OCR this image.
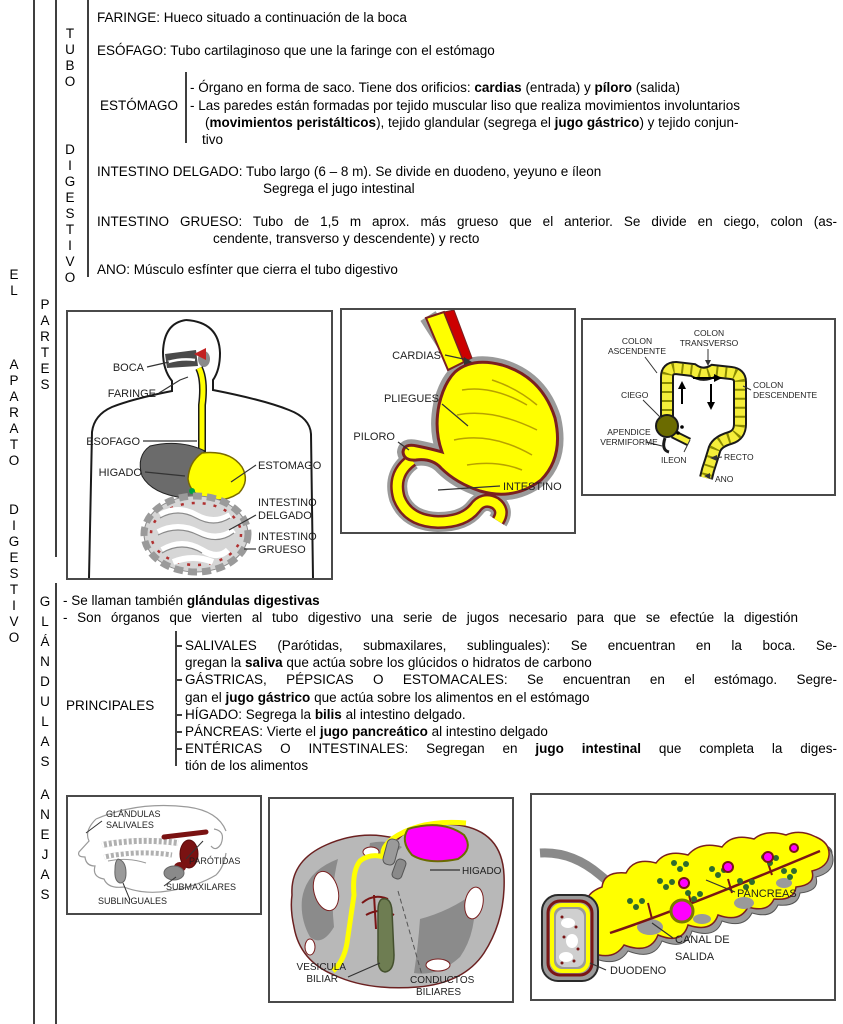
E
L
A
P
A
R
A
T
O
D
I
G
E
S
T
I
V
O
T
U
B
O
D
I
G
E
S
T
I
V
O
P
A
R
T
E
S
G
L
Á
N
D
U
L
A
S
A
N
E
J
A
S
FARINGE: Hueco situado a continuación de la boca
ESÓFAGO: Tubo cartilaginoso que une la faringe con el estómago
ESTÓMAGO
- Órgano en forma de saco. Tiene dos orificios: cardias (entrada) y píloro (salida)
- Las paredes están formadas por tejido muscular liso que realiza movimientos involuntarios
(movimientos peristálticos), tejido glandular (segrega el jugo gástrico) y tejido conjun-
tivo
INTESTINO DELGADO: Tubo largo (6 – 8 m). Se divide en duodeno, yeyuno e íleon
Segrega el jugo intestinal
INTESTINO GRUESO: Tubo de 1,5 m aprox. más grueso que el anterior. Se divide en ciego, colon (as-
cendente, transverso y descendente) y recto
ANO: Músculo esfínter que cierra el tubo digestivo
- Se llaman también glándulas digestivas
- Son órganos que vierten al tubo digestivo una serie de jugos necesario para que se efectúe la digestión
PRINCIPALES
SALIVALES (Parótidas, submaxilares, sublinguales): Se encuentran en la boca. Se-
gregan la saliva que actúa sobre los glúcidos o hidratos de carbono
GÁSTRICAS, PÉPSICAS O ESTOMACALES: Se encuentran en el estómago. Segre-
gan el jugo gástrico que actúa sobre los alimentos en el estómago
HÍGADO: Segrega la bilis al intestino delgado.
PÁNCREAS: Vierte el jugo pancreático al intestino delgado
ENTÉRICAS O INTESTINALES: Segregan en jugo intestinal que completa la diges-
tión de los alimentos
BOCA
FARINGE
ESOFAGO
HIGADO
ESTOMAGO
INTESTINO
DELGADO
INTESTINO
GRUESO
CARDIAS
PLIEGUES
PILORO
INTESTINO
COLON
ASCENDENTE
COLON
TRANSVERSO
COLON
DESCENDENTE
CIEGO
APENDICE
VERMIFORME
ILEON	RECTO
ANO
GLÁNDULAS
SALIVALES
PARÓTIDAS
SUBMAXILARES
SUBLINGUALES
HIGADO
VESICULA
BILIAR	CONDUCTOS
BILIARES
PANCREAS
CANAL DE
SALIDA
DUODENO
